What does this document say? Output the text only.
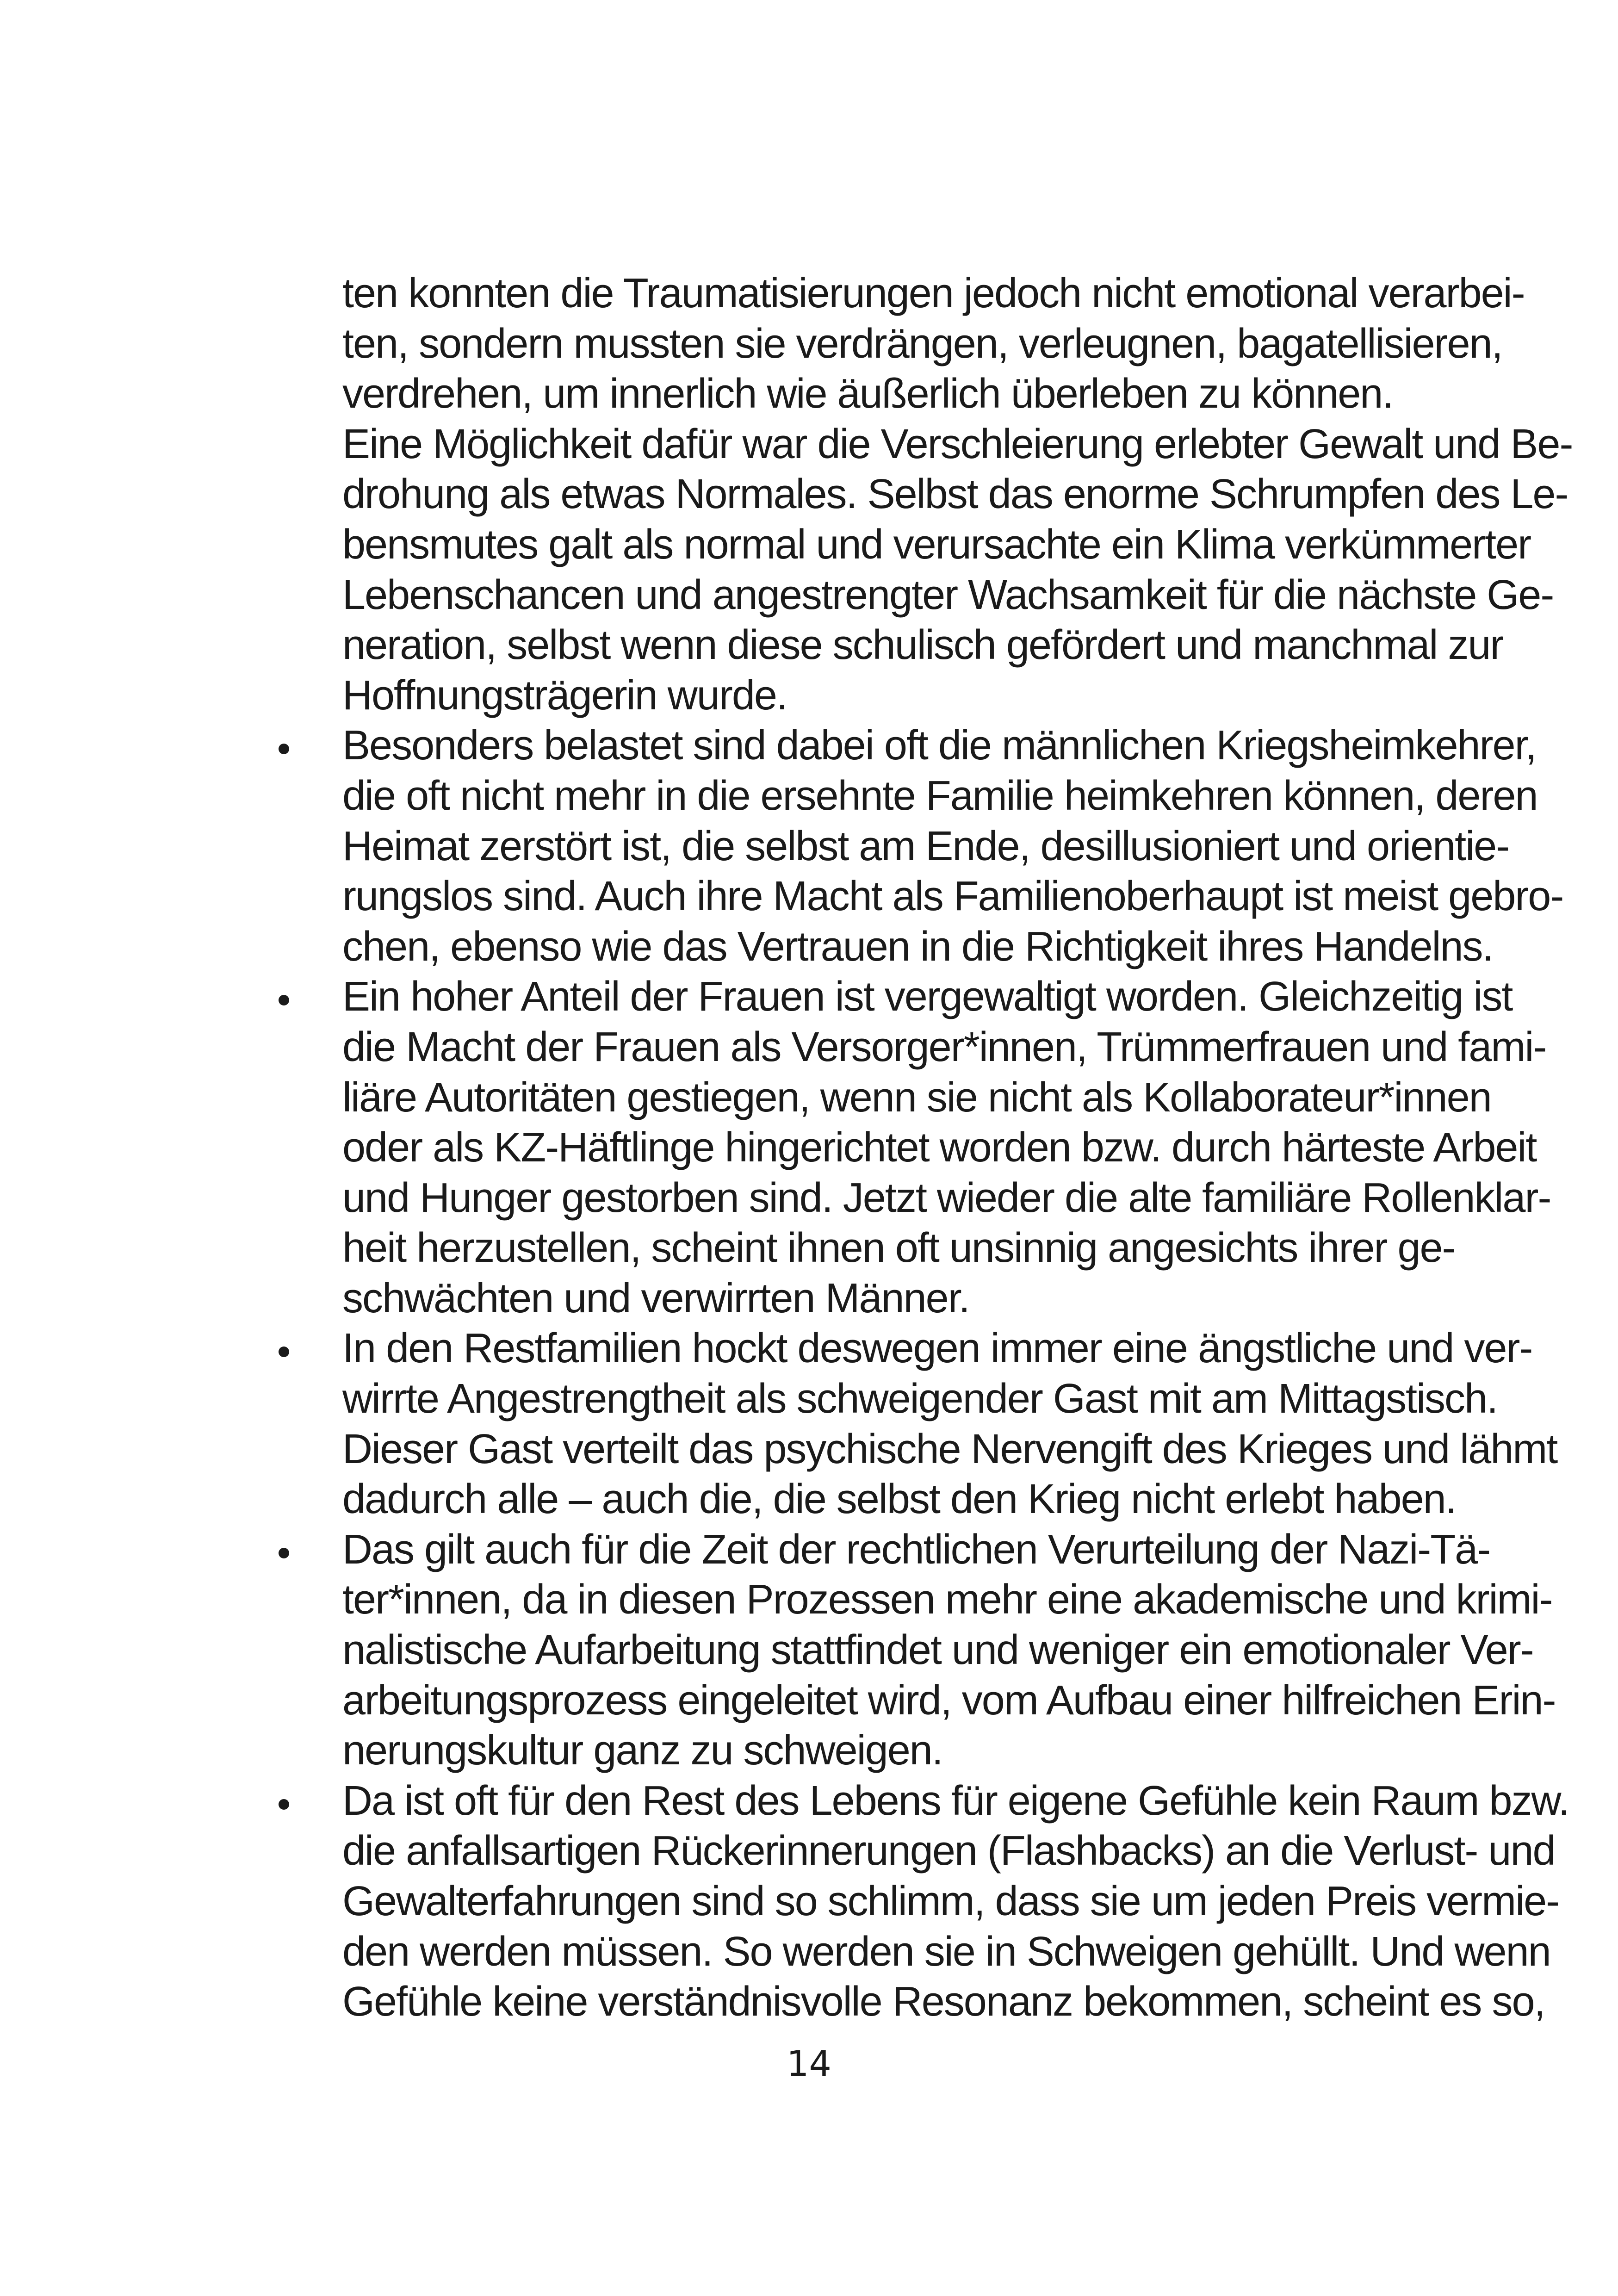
ten konnten die Traumatisierungen jedoch nicht emotional verarbei-
ten, sondern mussten sie verdrängen, verleugnen, bagatellisieren,
verdrehen, um innerlich wie äußerlich überleben zu können.

Eine Möglichkeit dafür war die Verschleierung erlebter Gewalt und Be-
drohung als etwas Normales. Selbst das enorme Schrumpfen des Le-
bensmutes galt als normal und verursachte ein Klima verkümmerter
Lebenschancen und angestrengter Wachsamkeit für die nächste Ge-
neration, selbst wenn diese schulisch gefördert und manchmal zur
Hoffnungsträgerin wurde.

Besonders belastet sind dabei oft die männlichen Kriegsheimkehrer,
die oft nicht mehr in die ersehnte Familie heimkehren können, deren
Heimat zerstört ist, die selbst am Ende, desillusioniert und orientie-
rungslos sind. Auch ihre Macht als Familienoberhaupt ist meist gebro-
chen, ebenso wie das Vertrauen in die Richtigkeit ihres Handelns.
Ein hoher Anteil der Frauen ist vergewaltigt worden. Gleichzeitig ist
die Macht der Frauen als Versorger*innen, Trümmerfrauen und fami-
liäre Autoritäten gestiegen, wenn sie nicht als Kollaborateur*innen
oder als KZ-Häftlinge hingerichtet worden bzw. durch härteste Arbeit
und Hunger gestorben sind. Jetzt wieder die alte familiäre Rollenklar-
heit herzustellen, scheint ihnen oft unsinnig angesichts ihrer ge-
schwächten und verwirrten Männer.
In den Restfamilien hockt deswegen immer eine ängstliche und ver-
wirrte Angestrengtheit als schweigender Gast mit am Mittagstisch.
Dieser Gast verteilt das psychische Nervengift des Krieges und lähmt
dadurch alle – auch die, die selbst den Krieg nicht erlebt haben.
Das gilt auch für die Zeit der rechtlichen Verurteilung der Nazi-Tä-
ter*innen, da in diesen Prozessen mehr eine akademische und krimi-
nalistische Aufarbeitung stattfindet und weniger ein emotionaler Ver-
arbeitungsprozess eingeleitet wird, vom Aufbau einer hilfreichen Erin-
nerungskultur ganz zu schweigen.
Da ist oft für den Rest des Lebens für eigene Gefühle kein Raum bzw.
die anfallsartigen Rückerinnerungen (Flashbacks) an die Verlust- und
Gewalterfahrungen sind so schlimm, dass sie um jeden Preis vermie-
den werden müssen. So werden sie in Schweigen gehüllt. Und wenn
Gefühle keine verständnisvolle Resonanz bekommen, scheint es so,
14
